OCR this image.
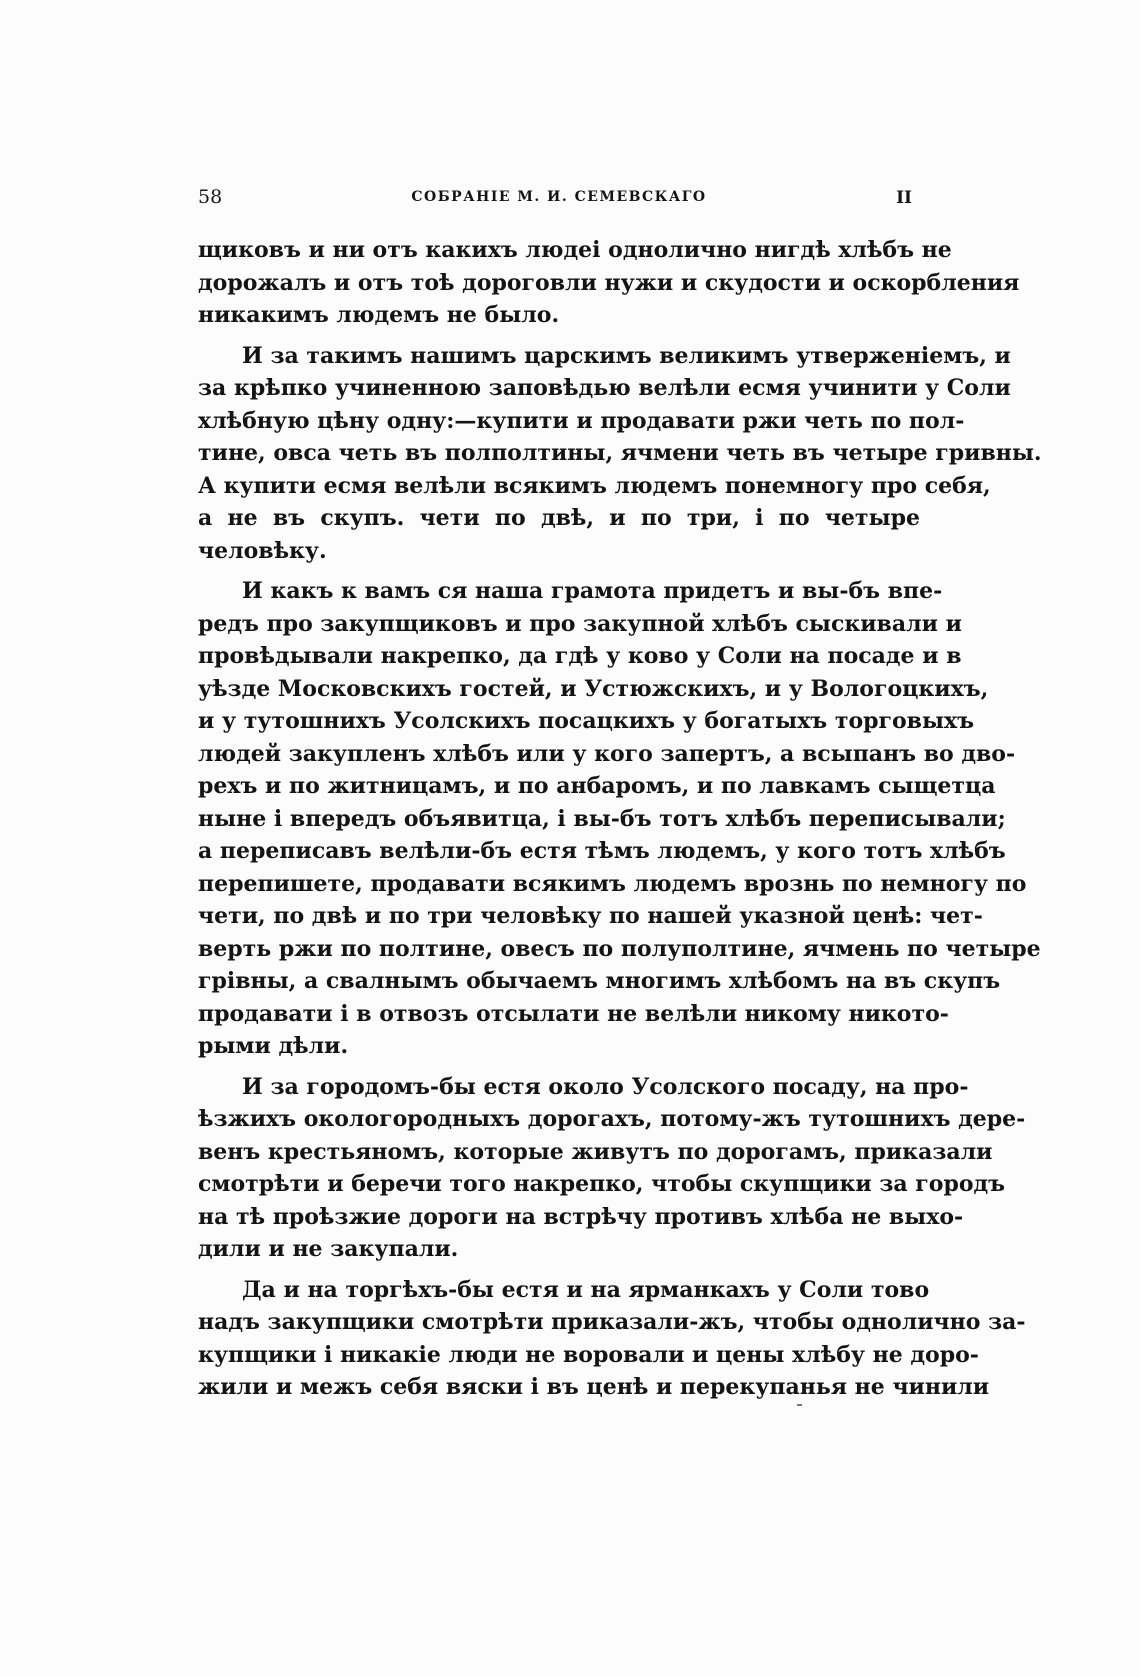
58	СОБРАНІЕ М. И. СЕМЕВСКАГО	II
щиковъ и ни отъ какихъ людеі однолично нигдѣ хлѣбъ не
дорожалъ и отъ тоѣ дороговли нужи и скудости и оскорбления
никакимъ людемъ не было.
И за такимъ нашимъ царскимъ великимъ утверженіемъ, и
за крѣпко учиненною заповѣдью велѣли есмя учинити у Соли
хлѣбную цѣну одну:—купити и продавати ржи четь по пол-
тине, овса четь въ полполтины, ячмени четь въ четыре гривны.
А купити есмя велѣли всякимъ людемъ понемногу про себя,
а не въ скупъ. чети по двѣ, и по три, і по четыре
человѣку.
И какъ к вамъ ся наша грамота придетъ и вы-бъ впе-
редъ про закупщиковъ и про закупной хлѣбъ сыскивали и
провѣдывали накрепко, да гдѣ у ково у Соли на посаде и в
уѣзде Московскихъ гостей, и Устюжскихъ, и у Вологоцкихъ,
и у тутошнихъ Усолскихъ посацкихъ у богатыхъ торговыхъ
людей закупленъ хлѣбъ или у кого запертъ, а всыпанъ во дво-
рехъ и по житницамъ, и по анбаромъ, и по лавкамъ сыщетца
ныне і впередъ объявитца, і вы-бъ тотъ хлѣбъ переписывали;
а переписавъ велѣли-бъ естя тѣмъ людемъ, у кого тотъ хлѣбъ
перепишете, продавати всякимъ людемъ врознь по немногу по
чети, по двѣ и по три человѣку по нашей указной ценѣ: чет-
верть ржи по полтине, овесъ по полуполтине, ячмень по четыре
грівны, а свалнымъ обычаемъ многимъ хлѣбомъ на въ скупъ
продавати і в отвозъ отсылати не велѣли никому никото-
рыми дѣли.
И за городомъ-бы естя около Усолского посаду, на про-
ѣзжихъ окологородныхъ дорогахъ, потому-жъ тутошнихъ дере-
венъ крестьяномъ, которые живутъ по дорогамъ, приказали
смотрѣти и беречи того накрепко, чтобы скупщики за городъ
на тѣ проѣзжие дороги на встрѣчу противъ хлѣба не выхо-
дили и не закупали.
Да и на торгѣхъ-бы естя и на ярманкахъ у Соли тово
надъ закупщики смотрѣти приказали-жъ, чтобы однолично за-
купщики і никакіе люди не воровали и цены хлѣбу не доро-
жили и межъ себя вяски і въ ценѣ и перекупанья не чинили
